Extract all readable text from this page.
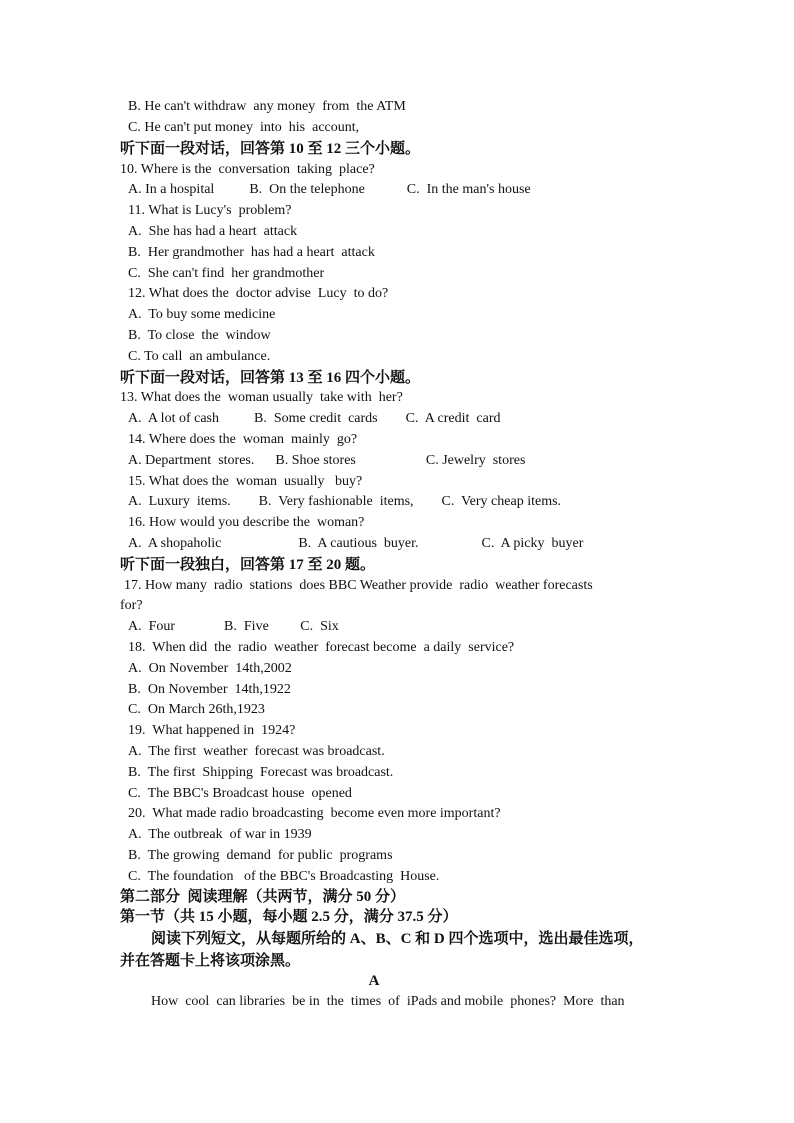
B. He can't withdraw  any money  from  the ATM
C. He can't put money  into  his  account,
听下面一段对话，回答第 10 至 12 三个小题。
10. Where is the  conversation  taking  place?
A. In a hospital          B.  On the telephone            C.  In the man's house
11. What is Lucy's  problem?
A.  She has had a heart  attack
B.  Her grandmother  has had a heart  attack
C.  She can't find  her grandmother
12. What does the  doctor advise  Lucy  to do?
A.  To buy some medicine
B.  To close  the  window
C. To call  an ambulance.
听下面一段对话，回答第 13 至 16 四个小题。
13. What does the  woman usually  take with  her?
A.  A lot of cash          B.  Some credit  cards        C.  A credit  card
14. Where does the  woman  mainly  go?
A. Department  stores.      B. Shoe stores                    C. Jewelry  stores
15. What does the  woman  usually   buy?
A.  Luxury  items.        B.  Very fashionable  items,        C.  Very cheap items.
16. How would you describe the  woman?
A.  A shopaholic                      B.  A cautious  buyer.                  C.  A picky  buyer
听下面一段独白，回答第 17 至 20 题。
17. How many  radio  stations  does BBC Weather provide  radio  weather forecasts
for?
A.  Four              B.  Five         C.  Six
18.  When did  the  radio  weather  forecast become  a daily  service?
A.  On November  14th,2002
B.  On November  14th,1922
C.  On March 26th,1923
19.  What happened in  1924?
A.  The first  weather  forecast was broadcast.
B.  The first  Shipping  Forecast was broadcast.
C.  The BBC's Broadcast house  opened
20.  What made radio broadcasting  become even more important?
A.  The outbreak  of war in 1939
B.  The growing  demand  for public  programs
C.  The foundation   of the BBC's Broadcasting  House.
第二部分  阅读理解（共两节，满分 50 分）
第一节（共 15 小题，每小题 2.5 分，满分 37.5 分）
阅读下列短文，从每题所给的 A、B、C 和 D 四个选项中，选出最佳选项，
并在答题卡上将该项涂黑。
A
How  cool  can libraries  be in  the  times  of  iPads and mobile  phones?  More  than
